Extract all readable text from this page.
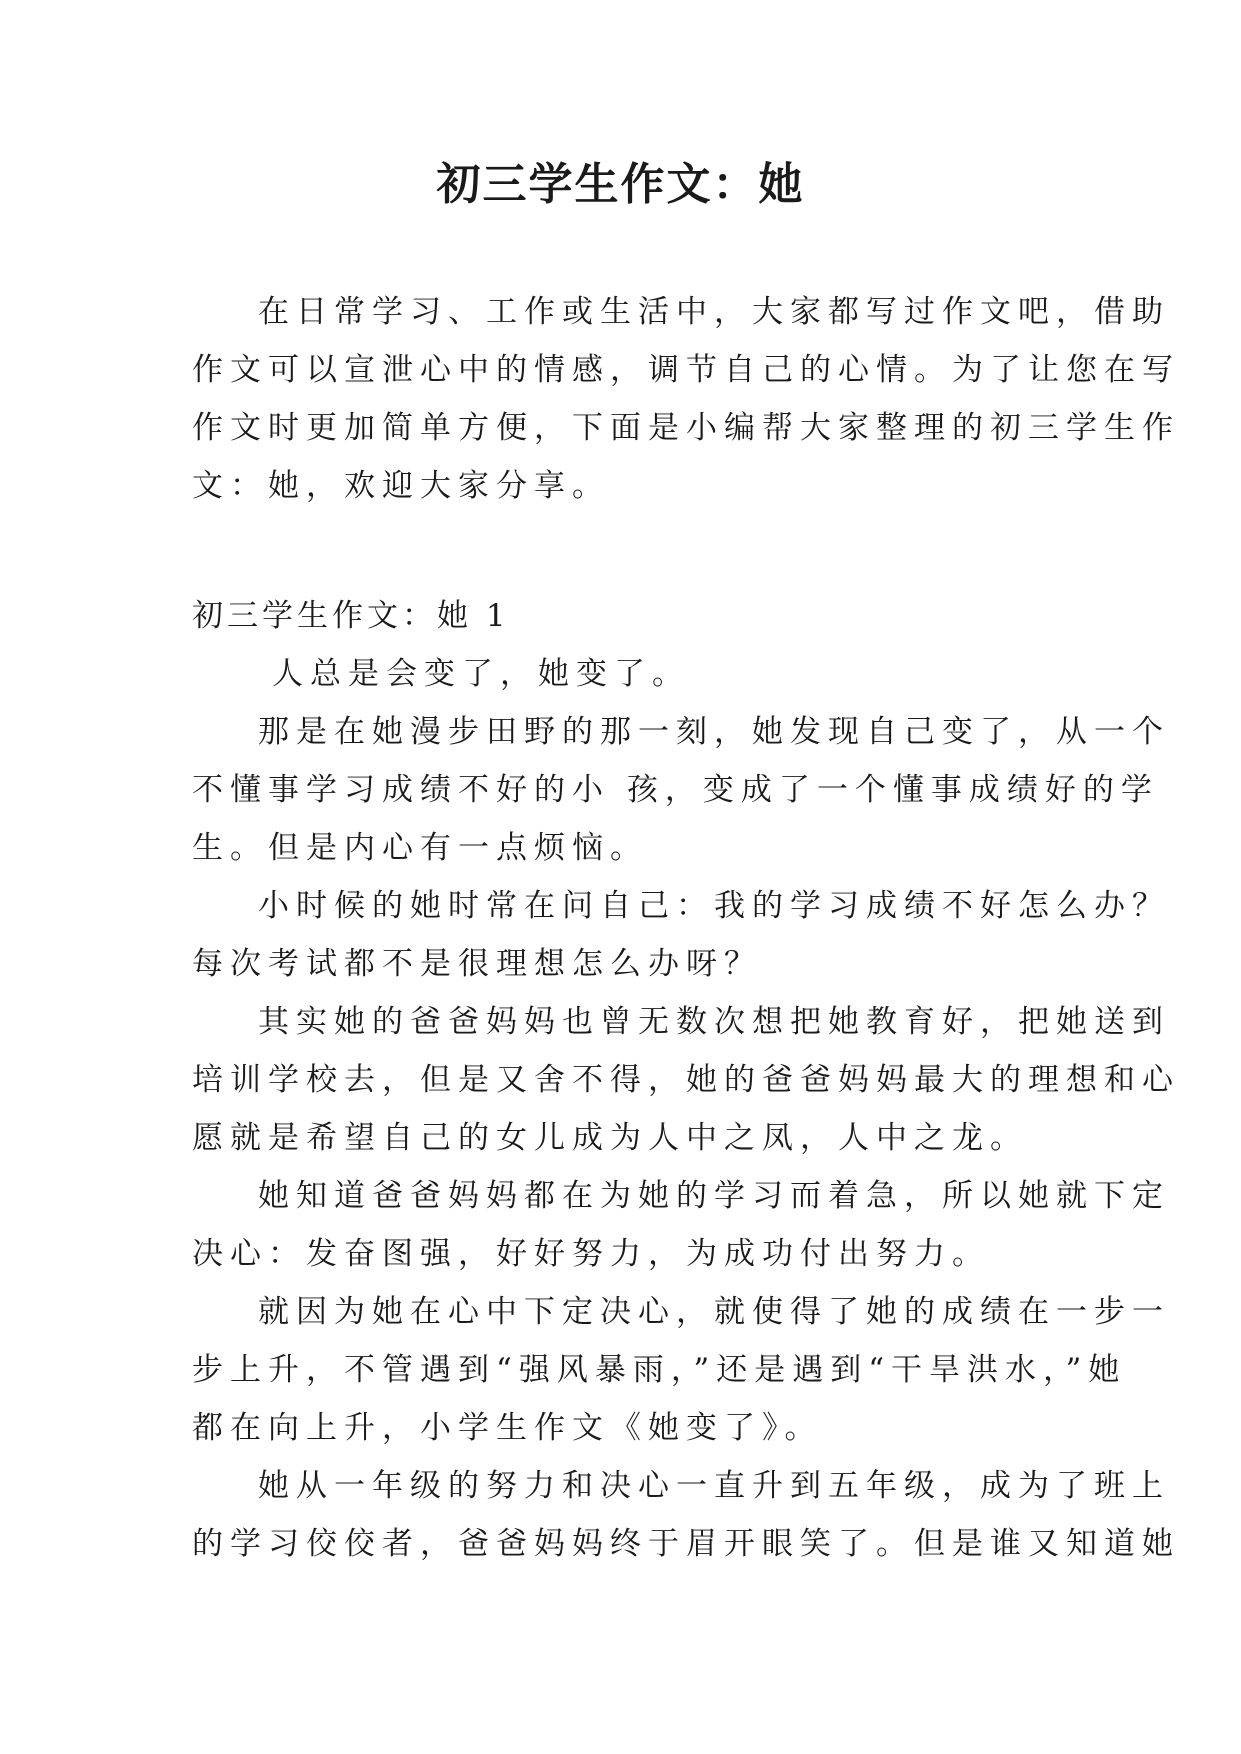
初三学生作文：她
在日常学习、工作或生活中，大家都写过作文吧，借助
作文可以宣泄心中的情感，调节自己的心情。为了让您在写
作文时更加简单方便，下面是小编帮大家整理的初三学生作
文：她，欢迎大家分享。
初三学生作文：她 1
人总是会变了，她变了。
那是在她漫步田野的那一刻，她发现自己变了，从一个
不懂事学习成绩不好的小 孩，变成了一个懂事成绩好的学
生。但是内心有一点烦恼。
小时候的她时常在问自己：我的学习成绩不好怎么办？
每次考试都不是很理想怎么办呀？
其实她的爸爸妈妈也曾无数次想把她教育好，把她送到
培训学校去，但是又舍不得，她的爸爸妈妈最大的理想和心
愿就是希望自己的女儿成为人中之凤，人中之龙。
她知道爸爸妈妈都在为她的学习而着急，所以她就下定
决心：发奋图强，好好努力，为成功付出努力。
就因为她在心中下定决心，就使得了她的成绩在一步一
步上升，不管遇到“强风暴雨，”还是遇到“干旱洪水，”她
都在向上升，小学生作文《她变了》。
她从一年级的努力和决心一直升到五年级，成为了班上
的学习佼佼者，爸爸妈妈终于眉开眼笑了。但是谁又知道她
